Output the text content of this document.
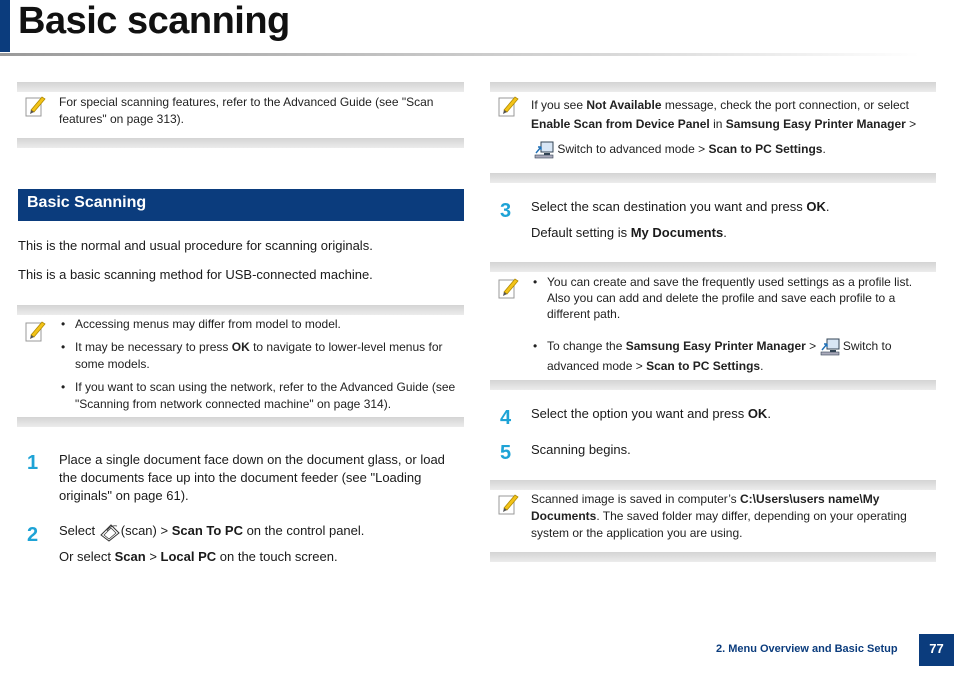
Basic scanning
For special scanning features, refer to the Advanced Guide (see "Scan features" on page 313).
Basic Scanning
This is the normal and usual procedure for scanning originals.
This is a basic scanning method for USB-connected machine.
• Accessing menus may differ from model to model.
• It may be necessary to press OK to navigate to lower-level menus for some models.
• If you want to scan using the network, refer to the Advanced Guide (see "Scanning from network connected machine" on page 314).
1 Place a single document face down on the document glass, or load the documents face up into the document feeder (see "Loading originals" on page 61).
2 Select (scan) > Scan To PC on the control panel.
Or select Scan > Local PC on the touch screen.
If you see Not Available message, check the port connection, or select Enable Scan from Device Panel in Samsung Easy Printer Manager >
Switch to advanced mode > Scan to PC Settings.
3 Select the scan destination you want and press OK.
Default setting is My Documents.
• You can create and save the frequently used settings as a profile list. Also you can add and delete the profile and save each profile to a different path.
• To change the Samsung Easy Printer Manager >  Switch to advanced mode > Scan to PC Settings.
4 Select the option you want and press OK.
5 Scanning begins.
Scanned image is saved in computer’s C:\Users\users name\My Documents. The saved folder may differ, depending on your operating system or the application you are using.
2. Menu Overview and Basic Setup	77
